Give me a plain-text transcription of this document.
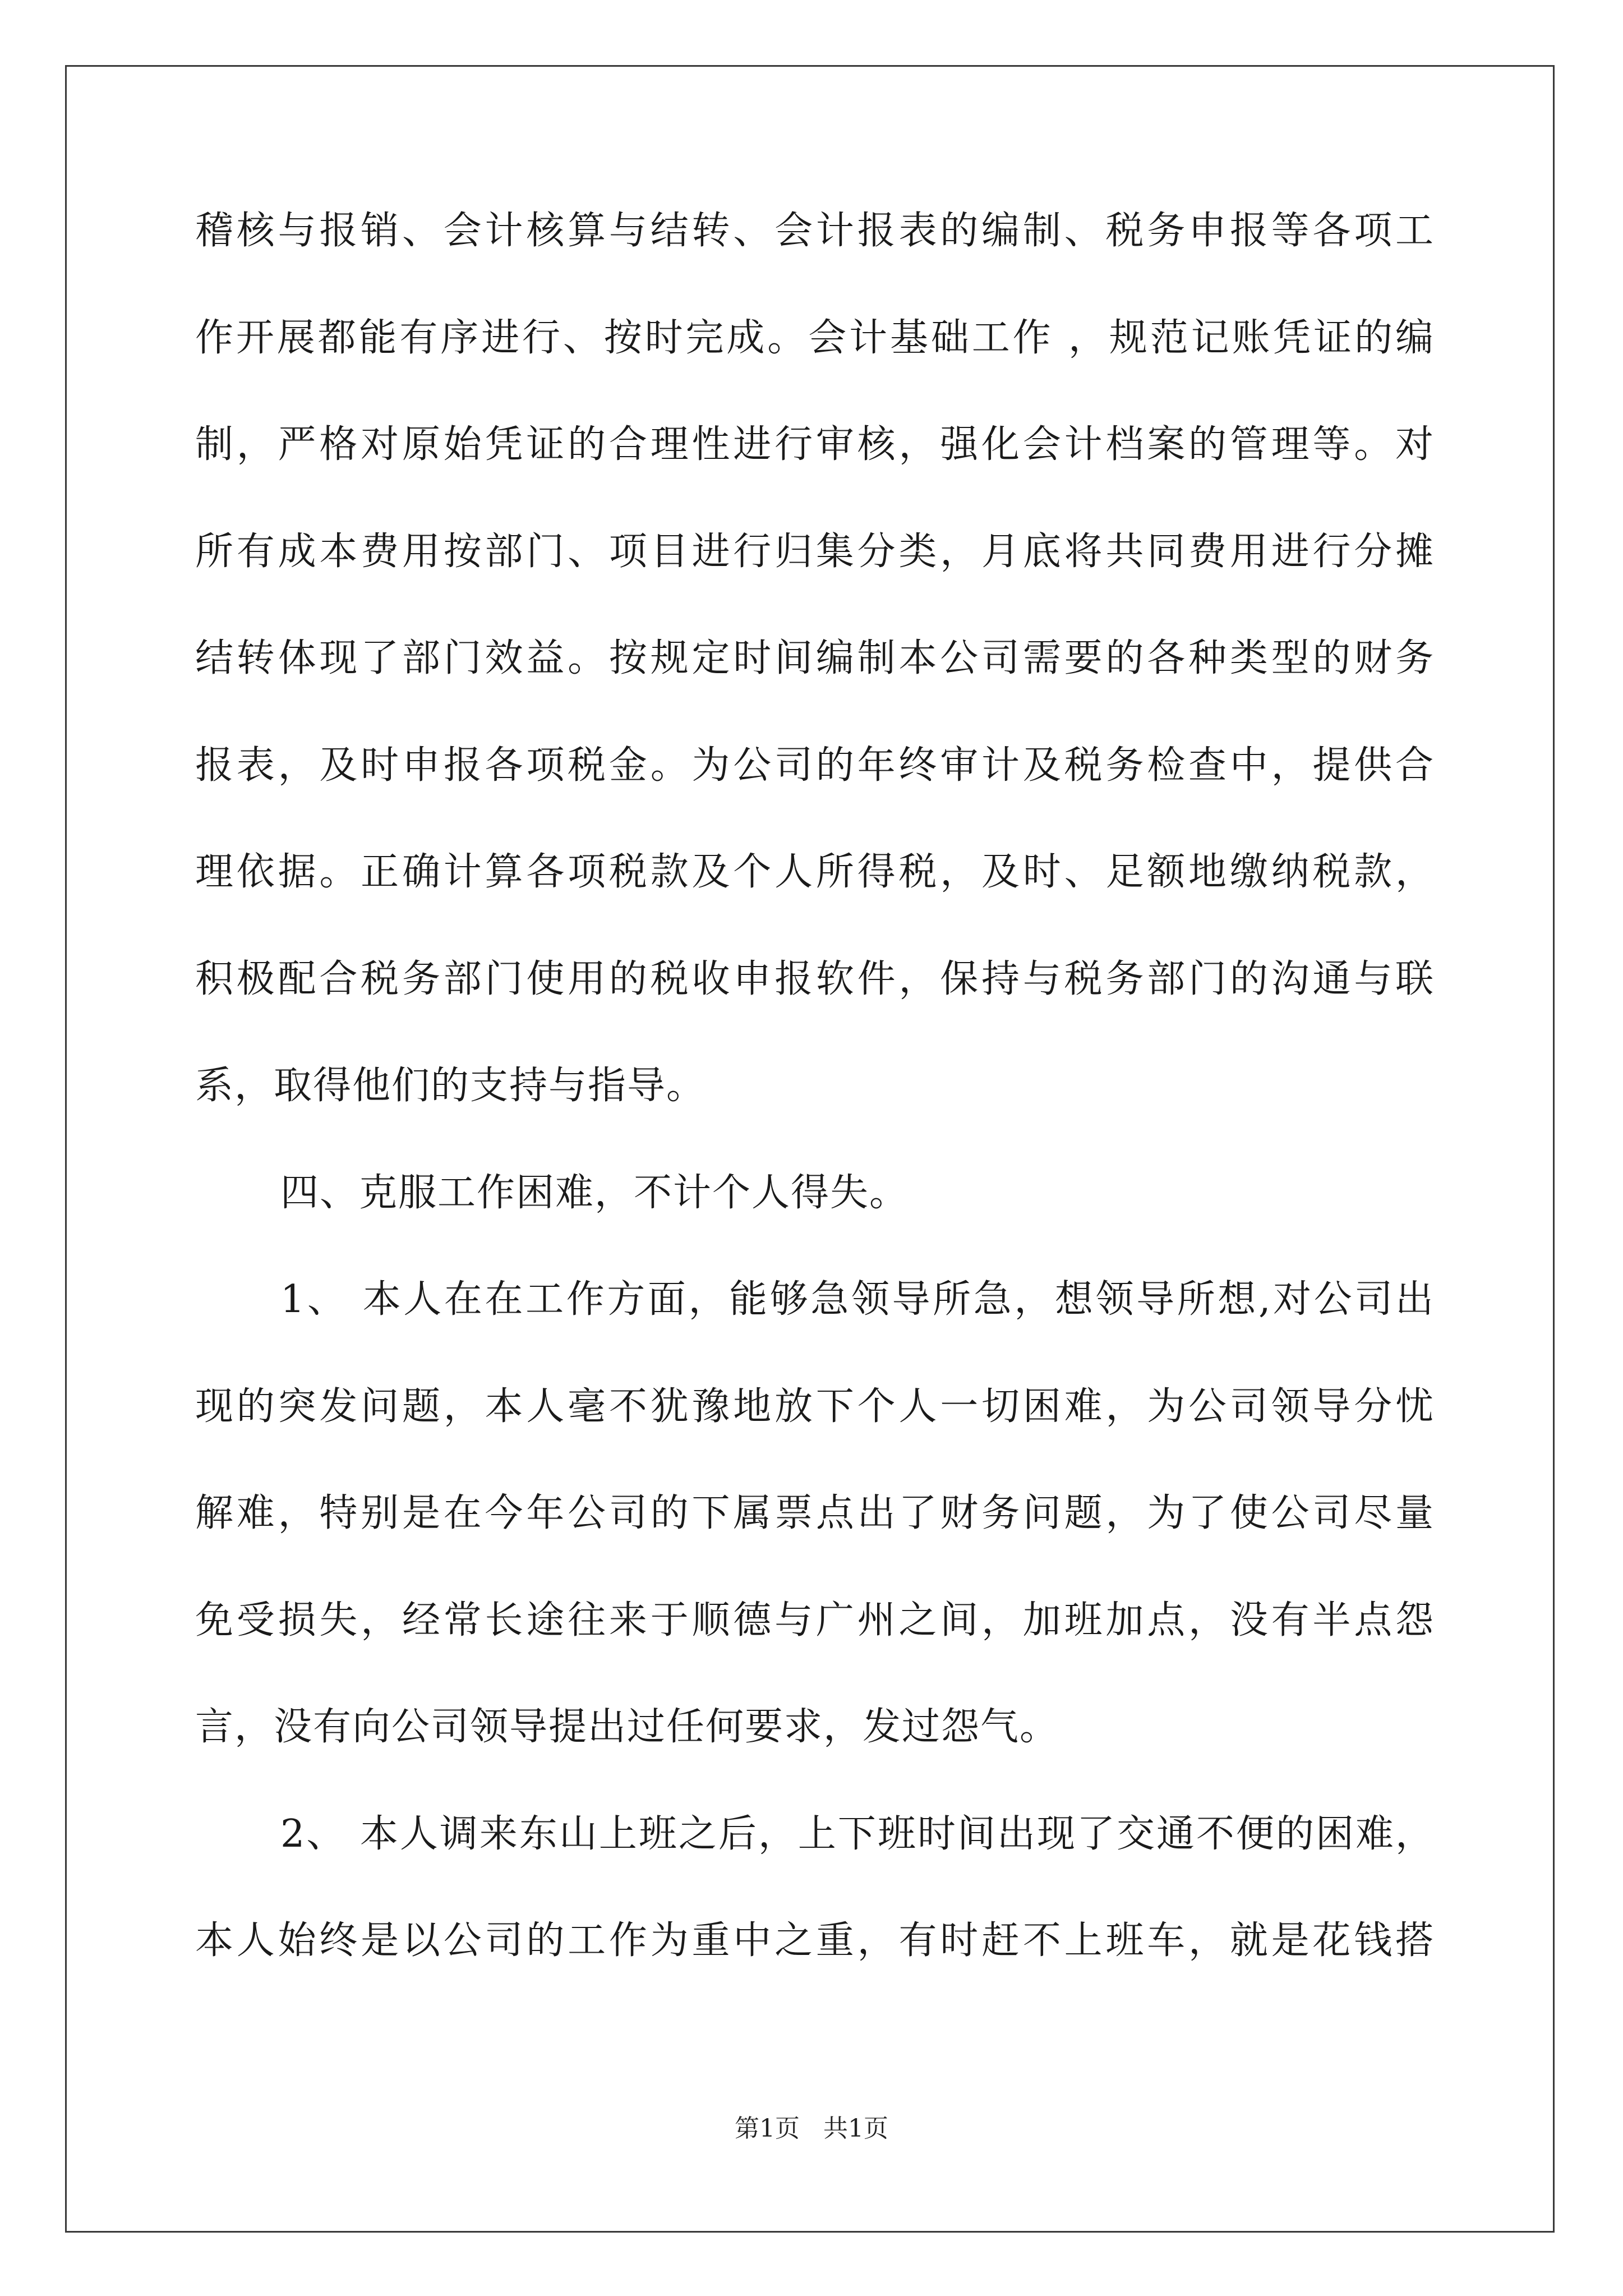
稽核与报销、会计核算与结转、会计报表的编制、税务申报等各项工
作开展都能有序进行、按时完成。会计基础工作 ，规范记账凭证的编
制，严格对原始凭证的合理性进行审核，强化会计档案的管理等。对
所有成本费用按部门、项目进行归集分类，月底将共同费用进行分摊
结转体现了部门效益。按规定时间编制本公司需要的各种类型的财务
报表，及时申报各项税金。为公司的年终审计及税务检查中，提供合
理依据。正确计算各项税款及个人所得税，及时、足额地缴纳税款，
积极配合税务部门使用的税收申报软件，保持与税务部门的沟通与联
系，取得他们的支持与指导。
四、克服工作困难，不计个人得失。
1、 本人在在工作方面，能够急领导所急，想领导所想,对公司出
现的突发问题，本人毫不犹豫地放下个人一切困难，为公司领导分忧
解难，特别是在今年公司的下属票点出了财务问题，为了使公司尽量
免受损失，经常长途往来于顺德与广州之间，加班加点，没有半点怨
言，没有向公司领导提出过任何要求，发过怨气。
2、 本人调来东山上班之后，上下班时间出现了交通不便的困难，
本人始终是以公司的工作为重中之重，有时赶不上班车，就是花钱搭
第1页   共1页
